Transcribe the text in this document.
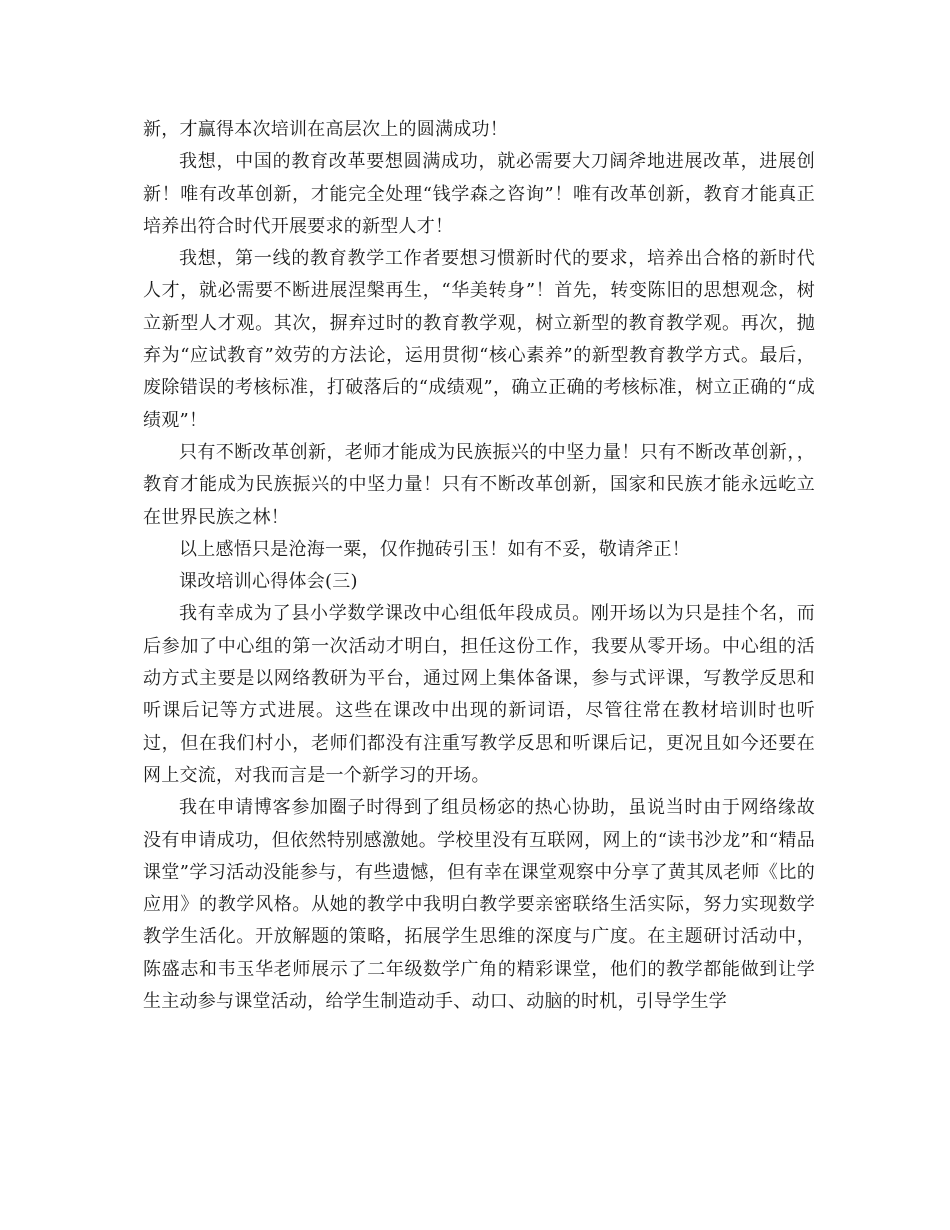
新，才赢得本次培训在高层次上的圆满成功！

我想，中国的教育改革要想圆满成功，就必需要大刀阔斧地进展改革，进展创新！唯有改革创新，才能完全处理“钱学森之咨询”！唯有改革创新，教育才能真正培养出符合时代开展要求的新型人才！

我想，第一线的教育教学工作者要想习惯新时代的要求，培养出合格的新时代人才，就必需要不断进展涅槃再生，“华美转身”！首先，转变陈旧的思想观念，树立新型人才观。其次，摒弃过时的教育教学观，树立新型的教育教学观。再次，抛弃为“应试教育”效劳的方法论，运用贯彻“核心素养”的新型教育教学方式。最后，废除错误的考核标准，打破落后的“成绩观”，确立正确的考核标准，树立正确的“成绩观”！

只有不断改革创新，老师才能成为民族振兴的中坚力量！只有不断改革创新，，教育才能成为民族振兴的中坚力量！只有不断改革创新，国家和民族才能永远屹立在世界民族之林！

以上感悟只是沧海一粟，仅作抛砖引玉！如有不妥，敬请斧正！

课改培训心得体会(三)

我有幸成为了县小学数学课改中心组低年段成员。刚开场以为只是挂个名，而后参加了中心组的第一次活动才明白，担任这份工作，我要从零开场。中心组的活动方式主要是以网络教研为平台，通过网上集体备课，参与式评课，写教学反思和听课后记等方式进展。这些在课改中出现的新词语，尽管往常在教材培训时也听过，但在我们村小，老师们都没有注重写教学反思和听课后记，更况且如今还要在网上交流，对我而言是一个新学习的开场。

我在申请博客参加圈子时得到了组员杨宓的热心协助，虽说当时由于网络缘故没有申请成功，但依然特别感激她。学校里没有互联网，网上的“读书沙龙”和“精品课堂”学习活动没能参与，有些遗憾，但有幸在课堂观察中分享了黄其凤老师《比的应用》的教学风格。从她的教学中我明白教学要亲密联络生活实际，努力实现数学教学生活化。开放解题的策略，拓展学生思维的深度与广度。在主题研讨活动中，陈盛志和韦玉华老师展示了二年级数学广角的精彩课堂，他们的教学都能做到让学生主动参与课堂活动，给学生制造动手、动口、动脑的时机，引导学生学
